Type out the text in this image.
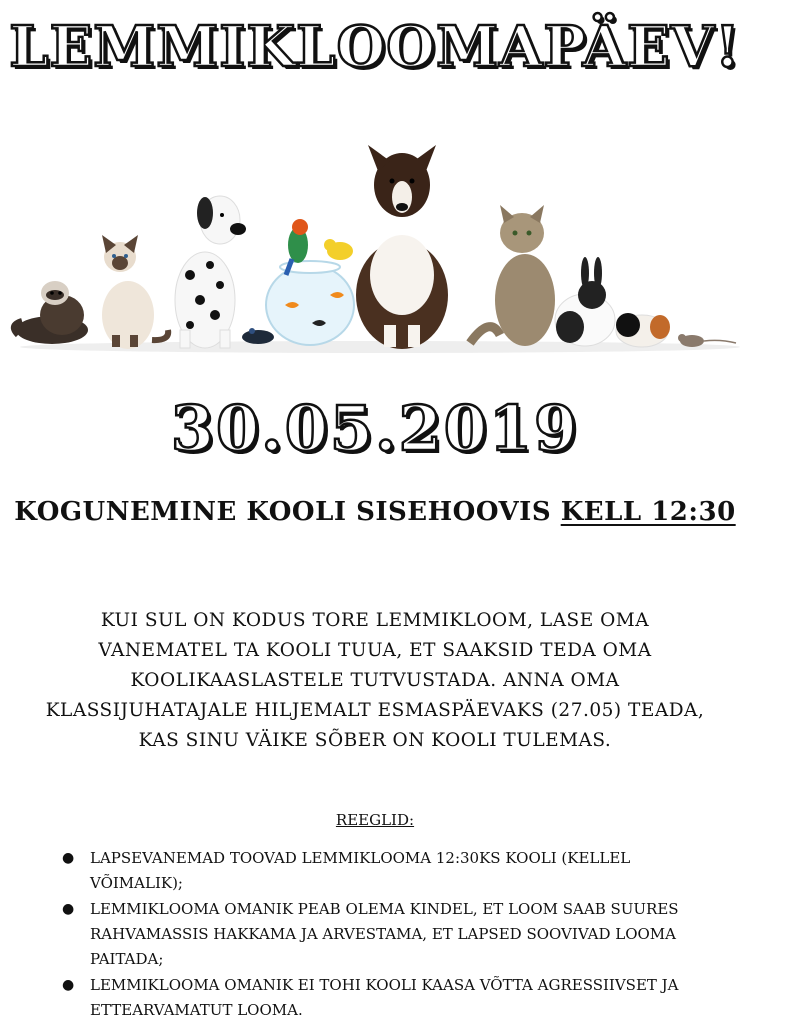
LEMMIKLOOMAPÄEV!
30.05.2019

KOGUNEMINE KOOLI SISEHOOVIS KELL 12:30

KUI SUL ON KODUS TORE LEMMIKLOOM, LASE OMA VANEMATEL TA KOOLI TUUA, ET SAAKSID TEDA OMA KOOLIKAASLASTELE TUTVUSTADA. ANNA OMA KLASSIJUHATAJALE HILJEMALT ESMASPÄEVAKS (27.05) TEADA, KAS SINU VÄIKE SÕBER ON KOOLI TULEMAS.

REEGLID:

● LAPSEVANEMAD TOOVAD LEMMIKLOOMA 12:30KS KOOLI (KELLEL VÕIMALIK);
● LEMMIKLOOMA OMANIK PEAB OLEMA KINDEL, ET LOOM SAAB SUURES RAHVAMASSIS HAKKAMA JA ARVESTAMA, ET LAPSED SOOVIVAD LOOMA PAITADA;
● LEMMIKLOOMA OMANIK EI TOHI KOOLI KAASA VÕTTA AGRESSIIVSET JA ETTEARVAMATUT LOOMA.
